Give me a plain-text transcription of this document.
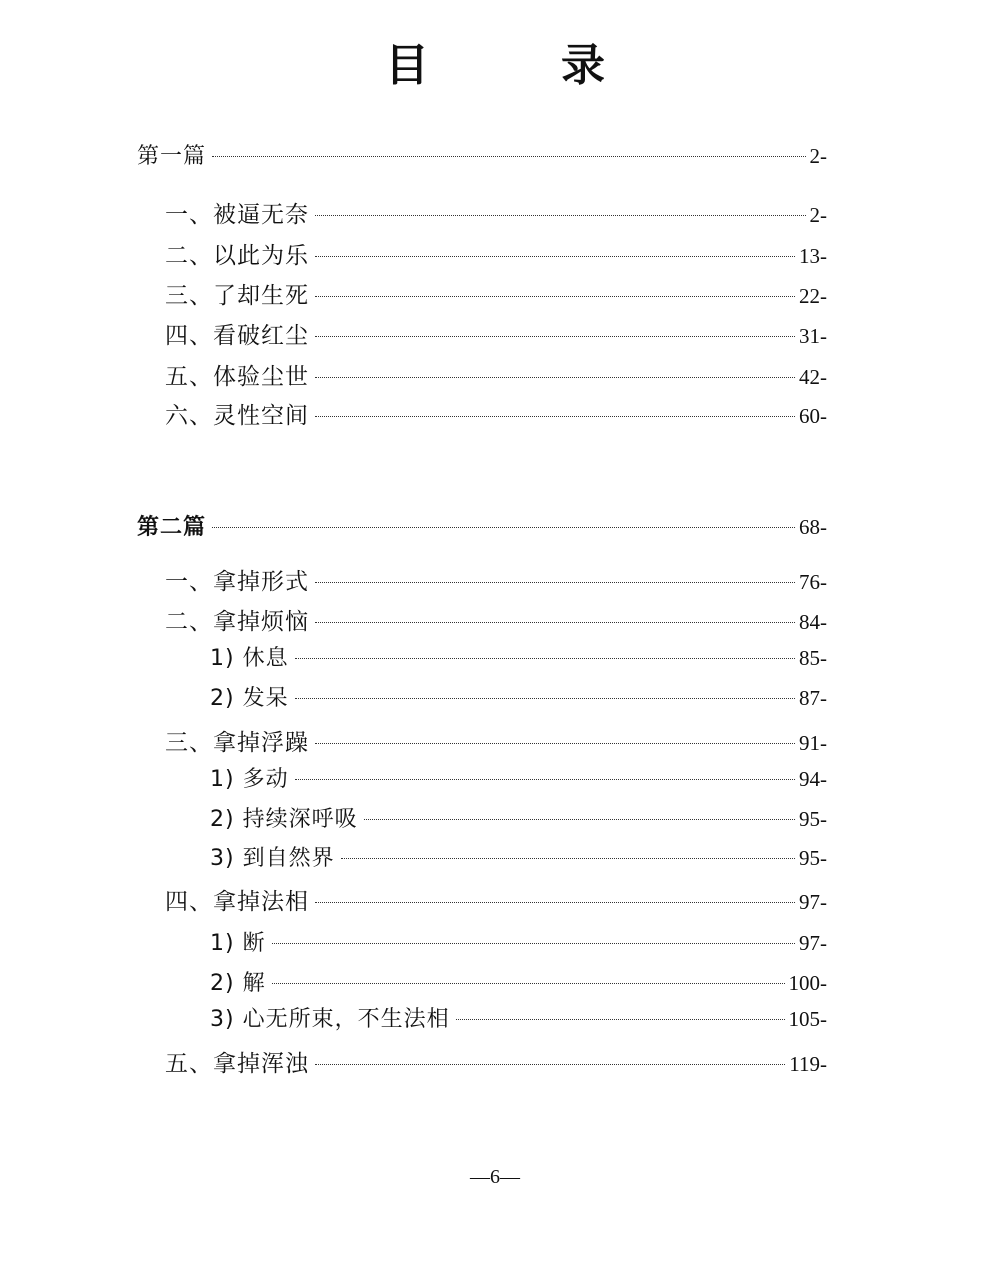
目　录
第一篇	2-
一、被逼无奈	2-
二、以此为乐	13-
三、了却生死	22-
四、看破红尘	31-
五、体验尘世	42-
六、灵性空间	60-
第二篇	68-
一、拿掉形式	76-
二、拿掉烦恼	84-
1) 休息	85-
2) 发呆	87-
三、拿掉浮躁	91-
1) 多动	94-
2) 持续深呼吸	95-
3) 到自然界	95-
四、拿掉法相	97-
1) 断	97-
2) 解	100-
3) 心无所束，不生法相	105-
五、拿掉浑浊	119-
—6—
